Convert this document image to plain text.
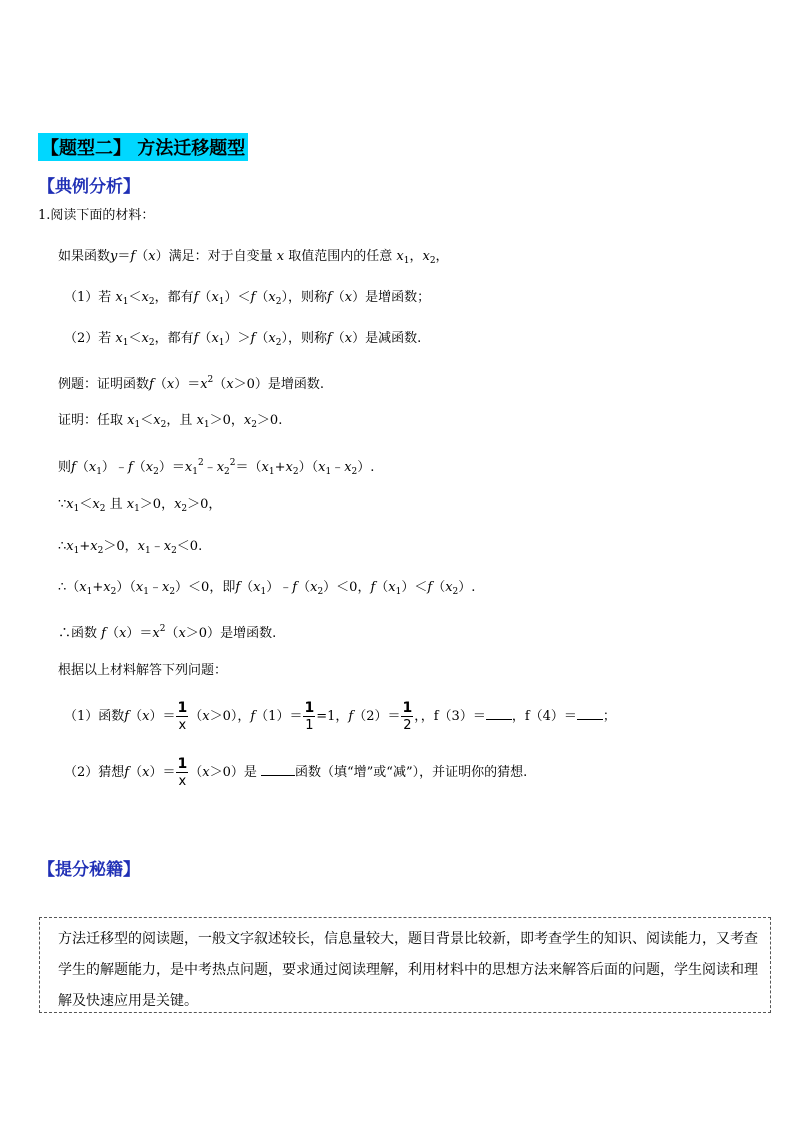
【题型二】 方法迁移题型
【典例分析】
1.阅读下面的材料：
如果函数y＝f（x）满足：对于自变量 x 取值范围内的任意 $x_1$，$x_2$，
（1）若 $x_1<x_2$，都有$f(x_1)<f(x_2)$，则称f（x）是增函数；
（2）若 $x_1<x_2$，都有$f(x_1)>f(x_2)$，则称f（x）是减函数.
例题：证明函数$f(x)=x^2(x>0)$是增函数.
证明：任取 $x_1<x_2$，且 $x_1>0$，$x_2>0$.
则$f(x_1)﹣f(x_2)=x_1^2﹣x_2^2=(x_1+x_2)(x_1﹣x_2)$.
$\because x_1<x_2$ 且 $x_1>0$，$x_2>0$，
$\therefore x_1+x_2>0$，$x_1﹣x_2<0$.
$\therefore(x_1+x_2)(x_1﹣x_2)<0$，即$f(x_1)﹣f(x_2)<0$，$f(x_1)<f(x_2)$.
∴函数 $f(x)=x^2(x>0)$是增函数.
根据以上材料解答下列问题：
（1）函数$f(x)= \frac{1}{x} (x>0)$，$f(1)= \frac{1}{1} =1$，$f(2)= \frac{1}{2}$ ，，f（3）＝ ，f（4）＝ ；
（2）猜想$f(x)= \frac{1}{x} (x>0)$是	函数（填“增”或“减”），并证明你的猜想.
【提分秘籍】
方法迁移型的阅读题，一般文字叙述较长，信息量较大，题目背景比较新，即考查学生的知识、阅读能力，又考查学生的解题能力，是中考热点问题，要求通过阅读理解，利用材料中的思想方法来解答后面的问题，学生阅读和理解及快速应用是关键。
